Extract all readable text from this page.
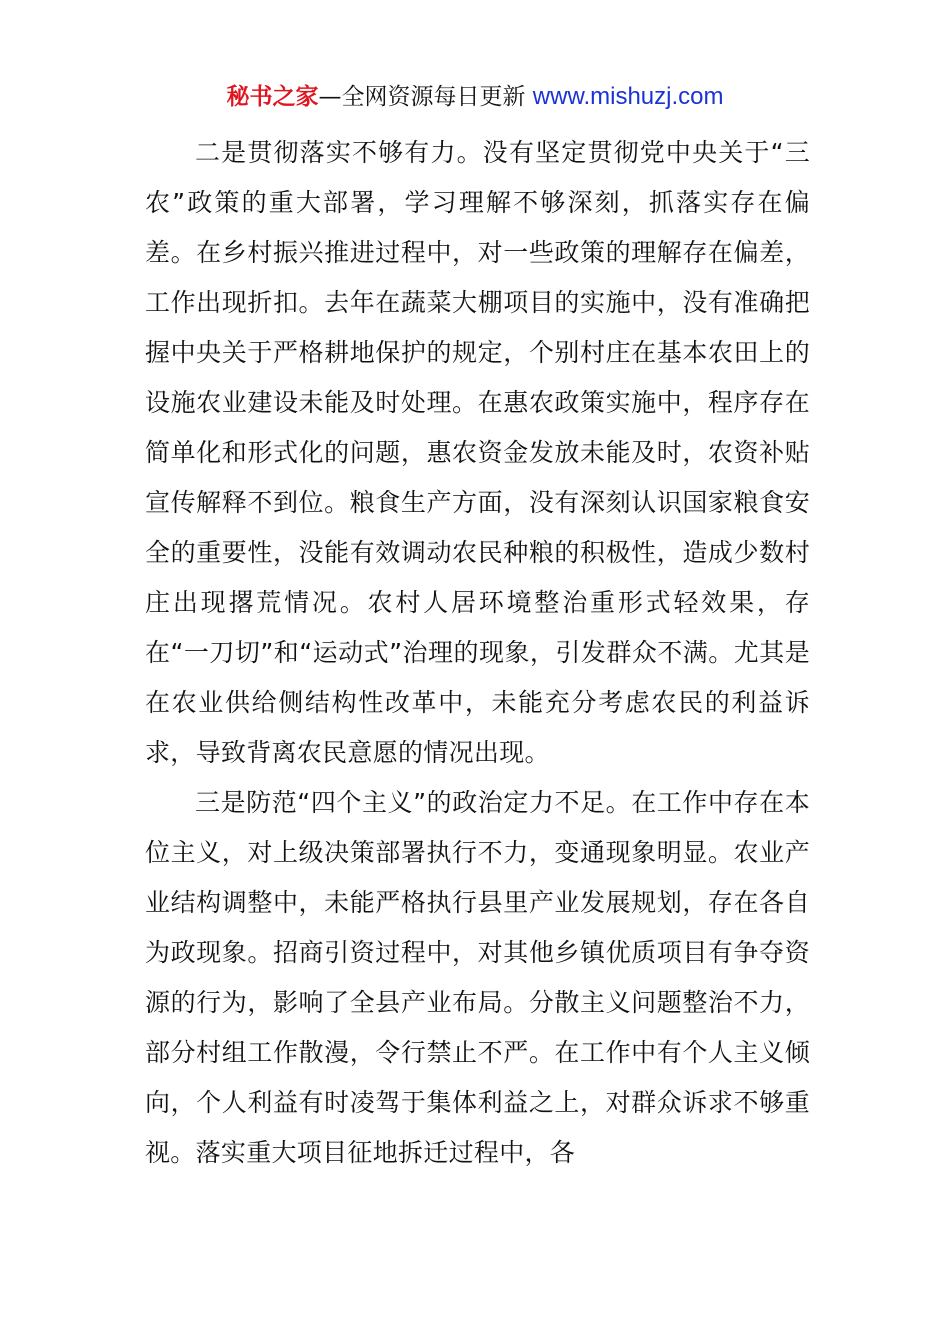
秘书之家—全网资源每日更新 www.mishuzj.com

二是贯彻落实不够有力。没有坚定贯彻党中央关于“三农”政策的重大部署，学习理解不够深刻，抓落实存在偏差。在乡村振兴推进过程中，对一些政策的理解存在偏差，工作出现折扣。去年在蔬菜大棚项目的实施中，没有准确把握中央关于严格耕地保护的规定，个别村庄在基本农田上的设施农业建设未能及时处理。在惠农政策实施中，程序存在简单化和形式化的问题，惠农资金发放未能及时，农资补贴宣传解释不到位。粮食生产方面，没有深刻认识国家粮食安全的重要性，没能有效调动农民种粮的积极性，造成少数村庄出现撂荒情况。农村人居环境整治重形式轻效果，存在“一刀切”和“运动式”治理的现象，引发群众不满。尤其是在农业供给侧结构性改革中，未能充分考虑农民的利益诉求，导致背离农民意愿的情况出现。

三是防范“四个主义”的政治定力不足。在工作中存在本位主义，对上级决策部署执行不力，变通现象明显。农业产业结构调整中，未能严格执行县里产业发展规划，存在各自为政现象。招商引资过程中，对其他乡镇优质项目有争夺资源的行为，影响了全县产业布局。分散主义问题整治不力，部分村组工作散漫，令行禁止不严。在工作中有个人主义倾向，个人利益有时凌驾于集体利益之上，对群众诉求不够重视。落实重大项目征地拆迁过程中，各
